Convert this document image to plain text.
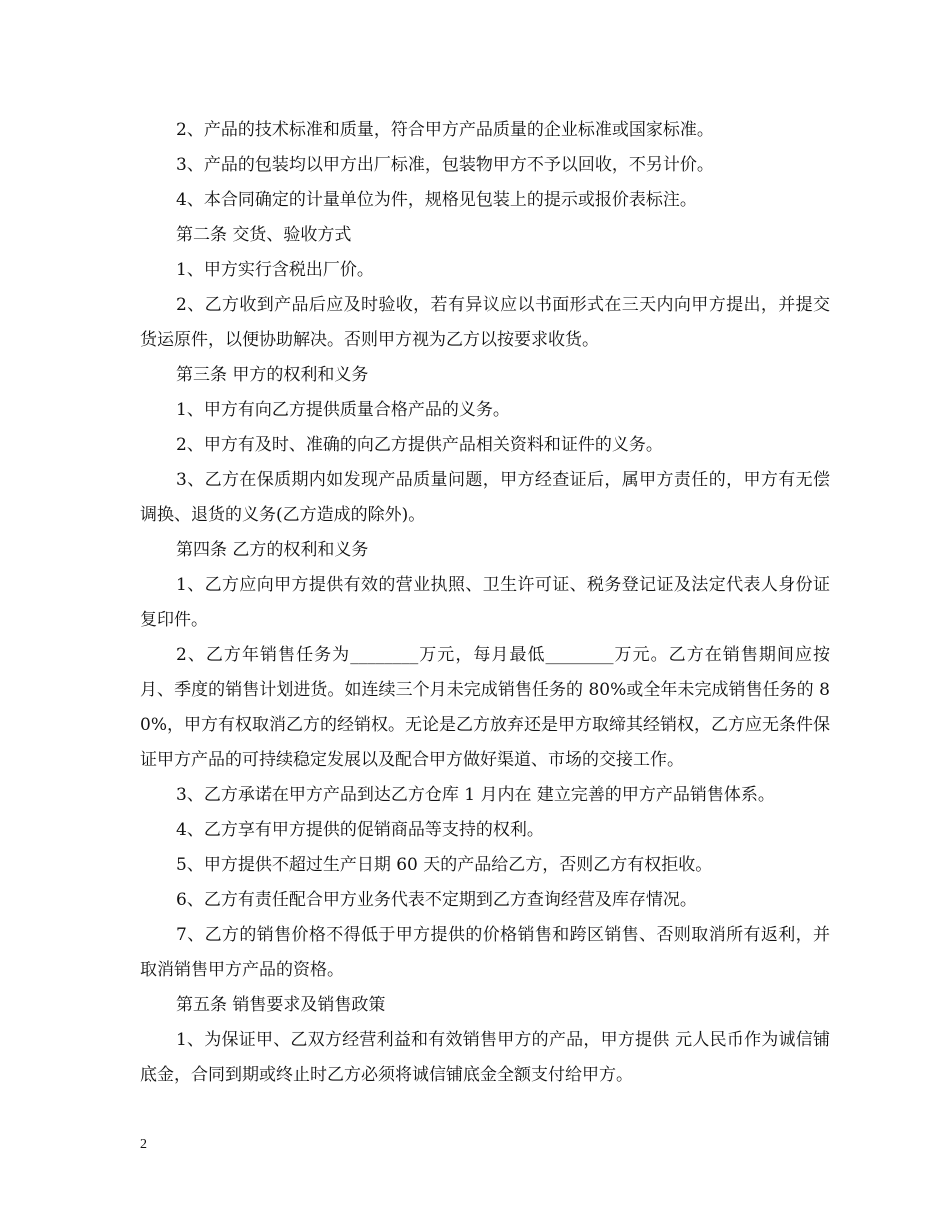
2、产品的技术标准和质量，符合甲方产品质量的企业标准或国家标准。

3、产品的包装均以甲方出厂标准，包装物甲方不予以回收，不另计价。

4、本合同确定的计量单位为件，规格见包装上的提示或报价表标注。

第二条 交货、验收方式

1、甲方实行含税出厂价。

2、乙方收到产品后应及时验收，若有异议应以书面形式在三天内向甲方提出，并提交货运原件，以便协助解决。否则甲方视为乙方以按要求收货。

第三条 甲方的权利和义务

1、甲方有向乙方提供质量合格产品的义务。

2、甲方有及时、准确的向乙方提供产品相关资料和证件的义务。

3、乙方在保质期内如发现产品质量问题，甲方经查证后，属甲方责任的，甲方有无偿调换、退货的义务(乙方造成的除外)。

第四条 乙方的权利和义务

1、乙方应向甲方提供有效的营业执照、卫生许可证、税务登记证及法定代表人身份证复印件。

2、乙方年销售任务为________万元，每月最低________万元。乙方在销售期间应按月、季度的销售计划进货。如连续三个月未完成销售任务的 80%或全年未完成销售任务的 80%，甲方有权取消乙方的经销权。无论是乙方放弃还是甲方取缔其经销权，乙方应无条件保证甲方产品的可持续稳定发展以及配合甲方做好渠道、市场的交接工作。

3、乙方承诺在甲方产品到达乙方仓库 1 月内在 建立完善的甲方产品销售体系。

4、乙方享有甲方提供的促销商品等支持的权利。

5、甲方提供不超过生产日期 60 天的产品给乙方，否则乙方有权拒收。

6、乙方有责任配合甲方业务代表不定期到乙方查询经营及库存情况。

7、乙方的销售价格不得低于甲方提供的价格销售和跨区销售、否则取消所有返利，并取消销售甲方产品的资格。

第五条 销售要求及销售政策

1、为保证甲、乙双方经营利益和有效销售甲方的产品，甲方提供 元人民币作为诚信铺底金，合同到期或终止时乙方必须将诚信铺底金全额支付给甲方。

2
